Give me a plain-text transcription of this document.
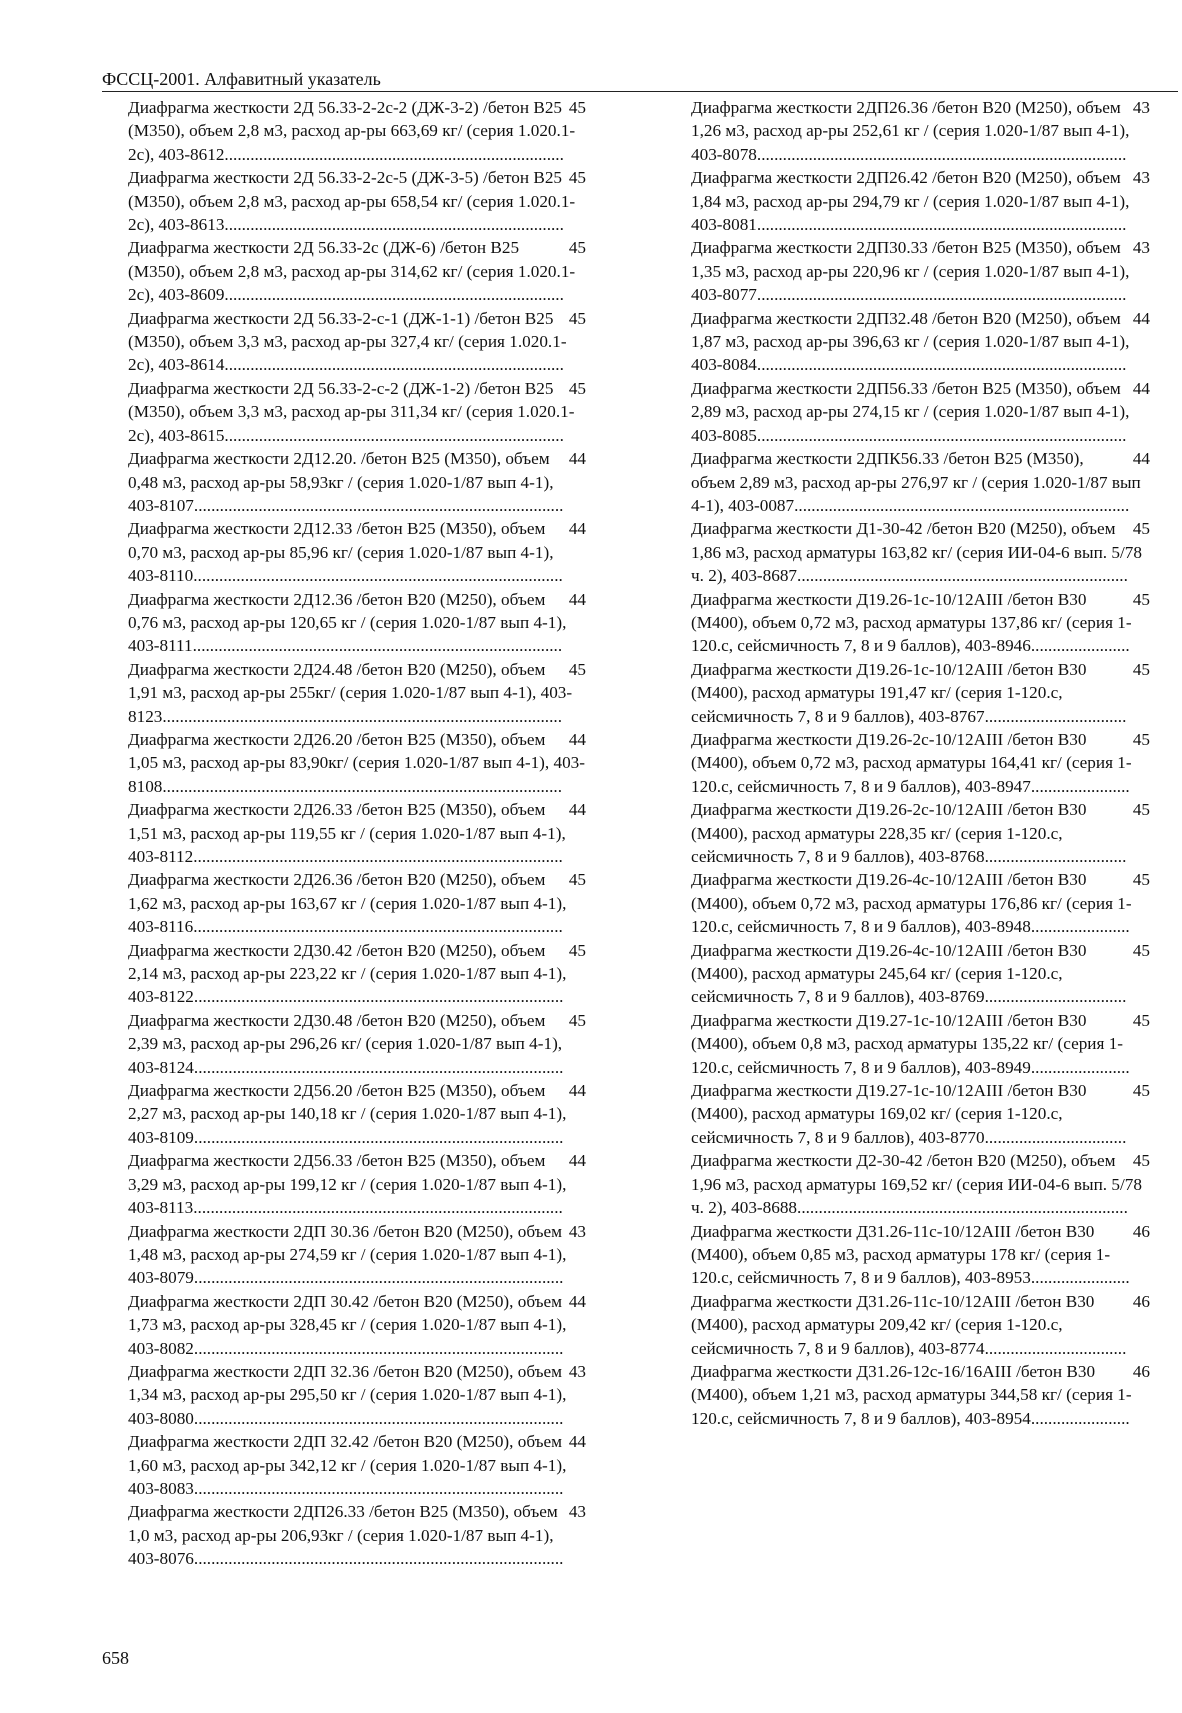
ФССЦ-2001. Алфавитный указатель

45
Диафрагма жесткости 2Д 56.33-2-2с-2 (ДЖ-3-2) /бетон B25 (M350), объем 2,8 м3, расход ар-ры 663,69 кг/ (серия 1.020.1-2с), 403-8612...............................................................................

45
Диафрагма жесткости 2Д 56.33-2-2с-5 (ДЖ-3-5) /бетон B25 (M350), объем 2,8 м3, расход ар-ры 658,54 кг/ (серия 1.020.1-2с), 403-8613...............................................................................

45
Диафрагма жесткости 2Д 56.33-2с (ДЖ-6) /бетон B25 (M350), объем 2,8 м3, расход ар-ры 314,62 кг/ (серия 1.020.1-2с), 403-8609...............................................................................

45
Диафрагма жесткости 2Д 56.33-2-с-1 (ДЖ-1-1) /бетон B25 (M350), объем 3,3 м3, расход ар-ры 327,4 кг/ (серия 1.020.1-2с), 403-8614...............................................................................

45
Диафрагма жесткости 2Д 56.33-2-с-2 (ДЖ-1-2) /бетон B25 (M350), объем 3,3 м3, расход ар-ры 311,34 кг/ (серия 1.020.1-2с), 403-8615...............................................................................

44
Диафрагма жесткости 2Д12.20. /бетон B25 (M350), объем 0,48 м3, расход ар-ры 58,93кг / (серия 1.020-1/87 вып 4-1), 403-8107......................................................................................

44
Диафрагма жесткости 2Д12.33 /бетон B25 (M350), объем 0,70 м3, расход ар-ры 85,96 кг/ (серия 1.020-1/87 вып 4-1), 403-8110......................................................................................

44
Диафрагма жесткости 2Д12.36 /бетон B20 (M250), объем 0,76 м3, расход ар-ры 120,65 кг / (серия 1.020-1/87 вып 4-1), 403-8111......................................................................................

45
Диафрагма жесткости 2Д24.48 /бетон B20 (M250), объем 1,91 м3, расход ар-ры 255кг/ (серия 1.020-1/87 вып 4-1), 403-8123.............................................................................................

44
Диафрагма жесткости 2Д26.20 /бетон B25 (M350), объем 1,05 м3, расход ар-ры 83,90кг/ (серия 1.020-1/87 вып 4-1), 403-8108.............................................................................................

44
Диафрагма жесткости 2Д26.33 /бетон B25 (M350), объем 1,51 м3, расход ар-ры 119,55 кг / (серия 1.020-1/87 вып 4-1), 403-8112......................................................................................

45
Диафрагма жесткости 2Д26.36 /бетон B20 (M250), объем 1,62 м3, расход ар-ры 163,67 кг / (серия 1.020-1/87 вып 4-1), 403-8116......................................................................................

45
Диафрагма жесткости 2Д30.42 /бетон B20 (M250), объем 2,14 м3, расход ар-ры 223,22 кг / (серия 1.020-1/87 вып 4-1), 403-8122......................................................................................

45
Диафрагма жесткости 2Д30.48 /бетон B20 (M250), объем 2,39 м3, расход ар-ры 296,26 кг/ (серия 1.020-1/87 вып 4-1), 403-8124......................................................................................

44
Диафрагма жесткости 2Д56.20 /бетон B25 (M350), объем 2,27 м3, расход ар-ры 140,18 кг / (серия 1.020-1/87 вып 4-1), 403-8109......................................................................................

44
Диафрагма жесткости 2Д56.33 /бетон B25 (M350), объем 3,29 м3, расход ар-ры 199,12 кг / (серия 1.020-1/87 вып 4-1), 403-8113......................................................................................

43
Диафрагма жесткости 2ДП 30.36 /бетон B20 (M250), объем 1,48 м3, расход ар-ры 274,59 кг / (серия 1.020-1/87 вып 4-1), 403-8079......................................................................................

44
Диафрагма жесткости 2ДП 30.42 /бетон B20 (M250), объем 1,73 м3, расход ар-ры 328,45 кг / (серия 1.020-1/87 вып 4-1), 403-8082......................................................................................

43
Диафрагма жесткости 2ДП 32.36 /бетон B20 (M250), объем 1,34 м3, расход ар-ры 295,50 кг / (серия 1.020-1/87 вып 4-1), 403-8080......................................................................................

44
Диафрагма жесткости 2ДП 32.42 /бетон B20 (M250), объем 1,60 м3, расход ар-ры 342,12 кг / (серия 1.020-1/87 вып 4-1), 403-8083......................................................................................

43
Диафрагма жесткости 2ДП26.33 /бетон B25 (M350), объем 1,0 м3, расход ар-ры 206,93кг / (серия 1.020-1/87 вып 4-1), 403-8076......................................................................................

43
Диафрагма жесткости 2ДП26.36 /бетон B20 (M250), объем 1,26 м3, расход ар-ры 252,61 кг / (серия 1.020-1/87 вып 4-1), 403-8078......................................................................................

43
Диафрагма жесткости 2ДП26.42 /бетон B20 (M250), объем 1,84 м3, расход ар-ры 294,79 кг / (серия 1.020-1/87 вып 4-1), 403-8081......................................................................................

43
Диафрагма жесткости 2ДП30.33 /бетон B25 (M350), объем 1,35 м3, расход ар-ры 220,96 кг / (серия 1.020-1/87 вып 4-1), 403-8077......................................................................................

44
Диафрагма жесткости 2ДП32.48 /бетон B20 (M250), объем 1,87 м3, расход ар-ры 396,63 кг / (серия 1.020-1/87 вып 4-1), 403-8084......................................................................................

44
Диафрагма жесткости 2ДП56.33 /бетон B25 (M350), объем 2,89 м3, расход ар-ры 274,15 кг / (серия 1.020-1/87 вып 4-1), 403-8085......................................................................................

44
Диафрагма жесткости 2ДПК56.33 /бетон B25 (M350), объем 2,89 м3, расход ар-ры 276,97 кг / (серия 1.020-1/87 вып 4-1), 403-0087..............................................................................

45
Диафрагма жесткости Д1-30-42 /бетон B20 (M250), объем 1,86 м3, расход арматуры 163,82 кг/ (серия ИИ-04-6 вып. 5/78 ч. 2), 403-8687.............................................................................

45
Диафрагма жесткости Д19.26-1с-10/12AIII /бетон B30 (M400), объем 0,72 м3, расход арматуры 137,86 кг/ (серия 1-120.с, сейсмичность 7, 8 и 9 баллов), 403-8946.......................

45
Диафрагма жесткости Д19.26-1с-10/12AIII /бетон B30 (M400), расход арматуры 191,47 кг/ (серия 1-120.с, сейсмичность 7, 8 и 9 баллов), 403-8767.................................

45
Диафрагма жесткости Д19.26-2с-10/12AIII /бетон B30 (M400), объем 0,72 м3, расход арматуры 164,41 кг/ (серия 1-120.с, сейсмичность 7, 8 и 9 баллов), 403-8947.......................

45
Диафрагма жесткости Д19.26-2с-10/12AIII /бетон B30 (M400), расход арматуры 228,35 кг/ (серия 1-120.с, сейсмичность 7, 8 и 9 баллов), 403-8768.................................

45
Диафрагма жесткости Д19.26-4с-10/12AIII /бетон B30 (M400), объем 0,72 м3, расход арматуры 176,86 кг/ (серия 1-120.с, сейсмичность 7, 8 и 9 баллов), 403-8948.......................

45
Диафрагма жесткости Д19.26-4с-10/12AIII /бетон B30 (M400), расход арматуры 245,64 кг/ (серия 1-120.с, сейсмичность 7, 8 и 9 баллов), 403-8769.................................

45
Диафрагма жесткости Д19.27-1с-10/12AIII /бетон B30 (M400), объем 0,8 м3, расход арматуры 135,22 кг/ (серия 1-120.с, сейсмичность 7, 8 и 9 баллов), 403-8949.......................

45
Диафрагма жесткости Д19.27-1с-10/12AIII /бетон B30 (M400), расход арматуры 169,02 кг/ (серия 1-120.с, сейсмичность 7, 8 и 9 баллов), 403-8770.................................

45
Диафрагма жесткости Д2-30-42 /бетон B20 (M250), объем 1,96 м3, расход арматуры 169,52 кг/ (серия ИИ-04-6 вып. 5/78 ч. 2), 403-8688.............................................................................

46
Диафрагма жесткости Д31.26-11с-10/12AIII /бетон B30 (M400), объем 0,85 м3, расход арматуры 178 кг/ (серия 1-120.с, сейсмичность 7, 8 и 9 баллов), 403-8953.......................

46
Диафрагма жесткости Д31.26-11с-10/12AIII /бетон B30 (M400), расход арматуры 209,42 кг/ (серия 1-120.с, сейсмичность 7, 8 и 9 баллов), 403-8774.................................

46
Диафрагма жесткости Д31.26-12с-16/16AIII /бетон B30 (M400), объем 1,21 м3, расход арматуры 344,58 кг/ (серия 1-120.с, сейсмичность 7, 8 и 9 баллов), 403-8954.......................

658
